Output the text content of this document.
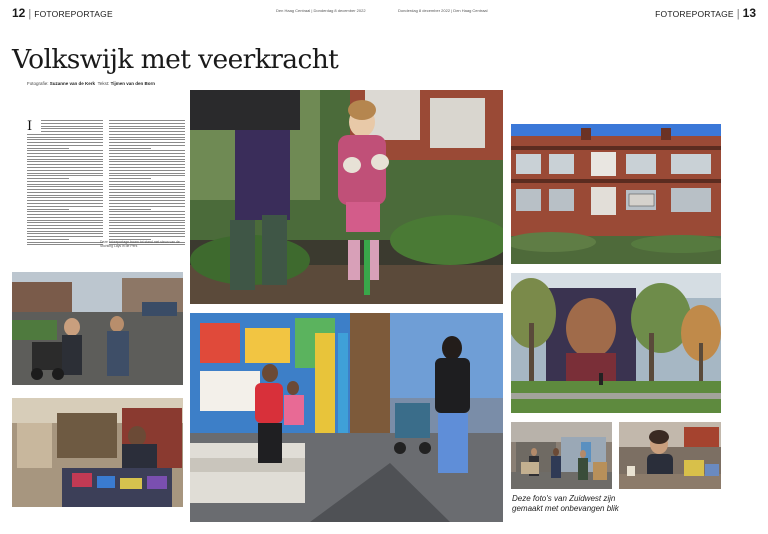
12 | FOTOREPORTAGE	Den Haag Centraal | Donderdag 8 december 2022	Donderdag 8 december 2022 | Den Haag Centraal	FOTOREPORTAGE | 13
Volkswijk met veerkracht
Fotografie: Suzanne van de Kerk Tekst: Tijmen van den Born
I
Deze fotoreportage kwam tot stand met steun van de Stichting Lays in de Pers
Deze foto's van Zuidwest zijn gemaakt met onbevangen blik
